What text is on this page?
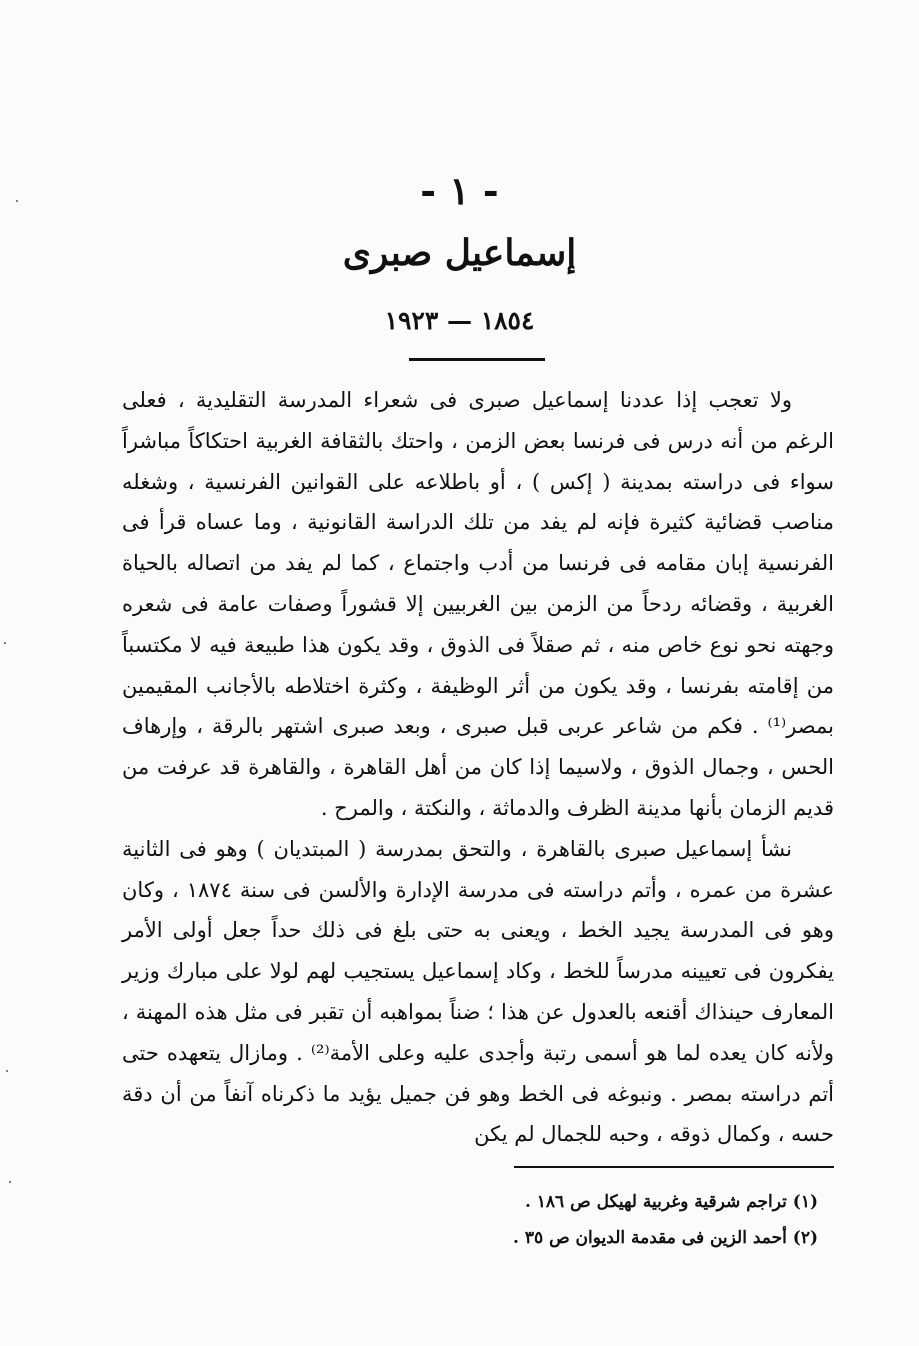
- ١ -
إسماعيل صبرى
١٨٥٤ — ١٩٢٣

ولا تعجب إذا عددنا إسماعيل صبرى فى شعراء المدرسة التقليدية ، فعلى الرغم من أنه درس فى فرنسا بعض الزمن ، واحتك بالثقافة الغربية احتكاكاً مباشراً سواء فى دراسته بمدينة ( إكس ) ، أو باطلاعه على القوانين الفرنسية ، وشغله مناصب قضائية كثيرة فإنه لم يفد من تلك الدراسة القانونية ، وما عساه قرأ فى الفرنسية إبان مقامه فى فرنسا من أدب واجتماع ، كما لم يفد من اتصاله بالحياة الغربية ، وقضائه ردحاً من الزمن بين الغربيين إلا قشوراً وصفات عامة فى شعره وجهته نحو نوع خاص منه ، ثم صقلاً فى الذوق ، وقد يكون هذا طبيعة فيه لا مكتسباً من إقامته بفرنسا ، وقد يكون من أثر الوظيفة ، وكثرة اختلاطه بالأجانب المقيمين بمصر⁽¹⁾ . فكم من شاعر عربى قبل صبرى ، وبعد صبرى اشتهر بالرقة ، وإرهاف الحس ، وجمال الذوق ، ولاسيما إذا كان من أهل القاهرة ، والقاهرة قد عرفت من قديم الزمان بأنها مدينة الظرف والدماثة ، والنكتة ، والمرح .

نشأ إسماعيل صبرى بالقاهرة ، والتحق بمدرسة ( المبتديان ) وهو فى الثانية عشرة من عمره ، وأتم دراسته فى مدرسة الإدارة والألسن فى سنة ١٨٧٤ ، وكان وهو فى المدرسة يجيد الخط ، ويعنى به حتى بلغ فى ذلك حداً جعل أولى الأمر يفكرون فى تعيينه مدرساً للخط ، وكاد إسماعيل يستجيب لهم لولا على مبارك وزير المعارف حينذاك أقنعه بالعدول عن هذا ؛ ضناً بمواهبه أن تقبر فى مثل هذه المهنة ، ولأنه كان يعده لما هو أسمى رتبة وأجدى عليه وعلى الأمة⁽²⁾ . ومازال يتعهده حتى أتم دراسته بمصر . ونبوغه فى الخط وهو فن جميل يؤيد ما ذكرناه آنفاً من أن دقة حسه ، وكمال ذوقه ، وحبه للجمال لم يكن

(١) تراجم شرقية وغربية لهيكل ص ١٨٦ .

(٢) أحمد الزين فى مقدمة الديوان ص ٣٥ .
